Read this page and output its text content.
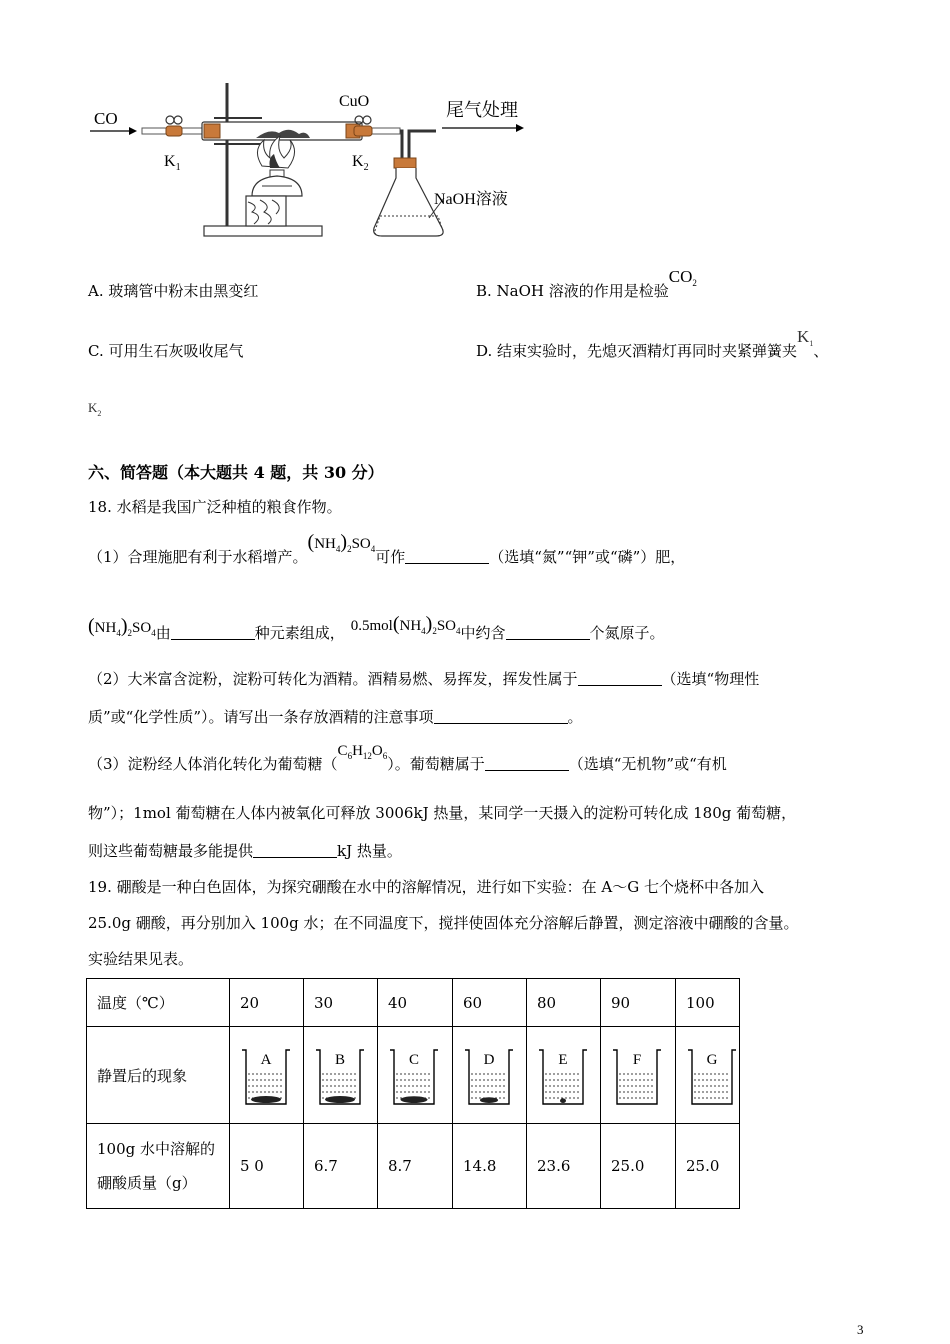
CO
$K_1$
CuO
$K_2$
NaOH溶液
尾气处理
A. 玻璃管中粉末由黑变红	B. NaOH 溶液的作用是检验$CO_2$
C. 可用生石灰吸收尾气	D. 结束实验时，先熄灭酒精灯再同时夹紧弹簧夹$K_1$、
$K_2$
六、简答题（本大题共 4 题，共 30 分）
18. 水稻是我国广泛种植的粮食作物。
（1）合理施肥有利于水稻增产。$(NH_4)_2SO_4$可作	（选填“氮”“钾”或“磷”）肥，
$(NH_4)_2SO_4$由	种元素组成， $0.5mol(NH_4)_2SO_4$中约含	个氮原子。
（2）大米富含淀粉，淀粉可转化为酒精。酒精易燃、易挥发，挥发性属于	（选填“物理性
质”或“化学性质”）。请写出一条存放酒精的注意事项	。
（3）淀粉经人体消化转化为葡萄糖$(C_6H_{12}O_6)$。葡萄糖属于	（选填“无机物”或“有机
物”）；1mol 葡萄糖在人体内被氧化可释放 3006kJ 热量，某同学一天摄入的淀粉可转化成 180g 葡萄糖，
则这些葡萄糖最多能提供	kJ 热量。
19. 硼酸是一种白色固体，为探究硼酸在水中的溶解情况，进行如下实验：在 A～G 七个烧杯中各加入
25.0g 硼酸，再分别加入 100g 水；在不同温度下，搅拌使固体充分溶解后静置，测定溶液中硼酸的含量。
实验结果见表。
温度（℃）	20	30	40	60	80	90	100
静置后的现象	A	B	C	D	E	F	G

100g 水中溶解的
硼酸质量（g）	5 0	6.7	8.7	14.8	23.6	25.0	25.0
3
